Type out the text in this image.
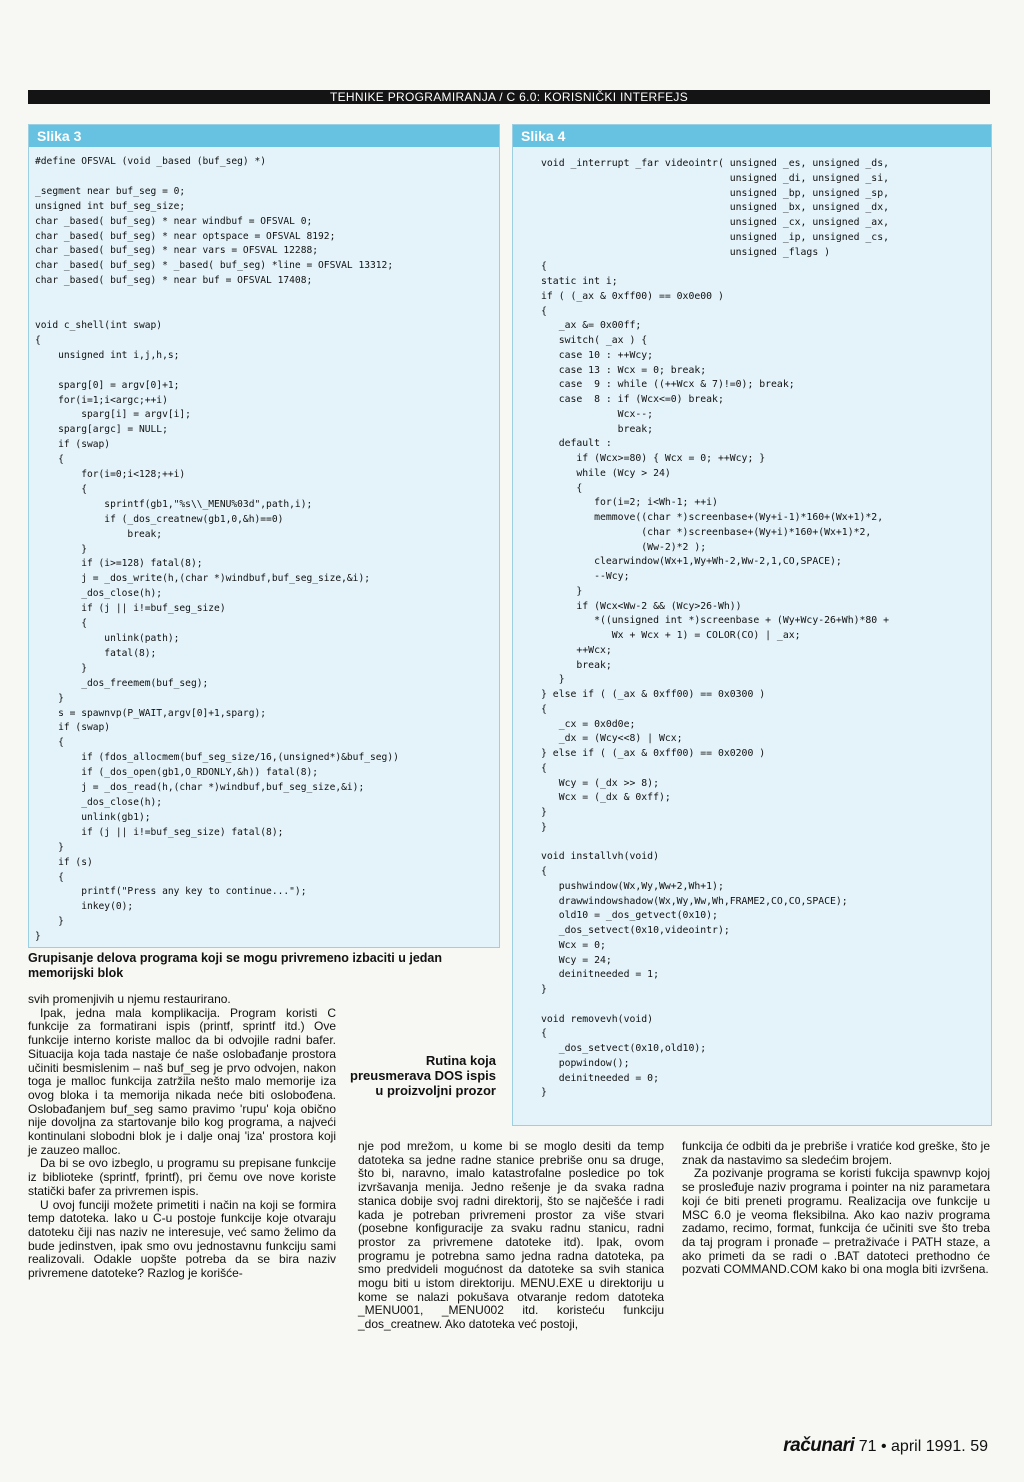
TEHNIKE PROGRAMIRANJA / C 6.0: KORISNIČKI INTERFEJS
Slika 3
#define OFSVAL (void _based (buf_seg) *)

_segment near buf_seg = 0;
unsigned int buf_seg_size;
char _based( buf_seg) * near windbuf = OFSVAL 0;
char _based( buf_seg) * near optspace = OFSVAL 8192;
char _based( buf_seg) * near vars = OFSVAL 12288;
char _based( buf_seg) * _based( buf_seg) *line = OFSVAL 13312;
char _based( buf_seg) * near buf = OFSVAL 17408;

void c_shell(int swap)
{
unsigned int i,j,h,s;

sparg[0] = argv[0]+1;
for(i=1;i<argc;++i)
sparg[i] = argv[i];
sparg[argc] = NULL;
if (swap)
{
for(i=0;i<128;++i)
{
sprintf(gb1,"%s\\_MENU%03d",path,i);
if (_dos_creatnew(gb1,0,&h)==0)
break;
}
if (i>=128) fatal(8);
j = _dos_write(h,(char *)windbuf,buf_seg_size,&i);
_dos_close(h);
if (j || i!=buf_seg_size)
{
unlink(path);
fatal(8);
}
_dos_freemem(buf_seg);
}
s = spawnvp(P_WAIT,argv[0]+1,sparg);
if (swap)
{
if (fdos_allocmem(buf_seg_size/16,(unsigned*)&buf_seg))
if (_dos_open(gb1,O_RDONLY,&h)) fatal(8);
j = _dos_read(h,(char *)windbuf,buf_seg_size,&i);
_dos_close(h);
unlink(gb1);
if (j || i!=buf_seg_size) fatal(8);
}
if (s)
{
printf("Press any key to continue...");
inkey(0);
}
}
Grupisanje delova programa koji se mogu privremeno izbaciti u jedan memorijski blok
Slika 4
void _interrupt _far videointr( unsigned _es, unsigned _ds,
unsigned _di, unsigned _si,
unsigned _bp, unsigned _sp,
unsigned _bx, unsigned _dx,
unsigned _cx, unsigned _ax,
unsigned _ip, unsigned _cs,
unsigned _flags )
{
static int i;
if ( (_ax & 0xff00) == 0x0e00 )
{
_ax &= 0x00ff;
switch( _ax ) {
case 10 : ++Wcy;
case 13 : Wcx = 0; break;
case  9 : while ((++Wcx & 7)!=0); break;
case  8 : if (Wcx<=0) break;
Wcx--;
break;
default :
if (Wcx>=80) { Wcx = 0; ++Wcy; }
while (Wcy > 24)
{
for(i=2; i<Wh-1; ++i)
memmove((char *)screenbase+(Wy+i-1)*160+(Wx+1)*2,
(char *)screenbase+(Wy+i)*160+(Wx+1)*2,
(Ww-2)*2 );
clearwindow(Wx+1,Wy+Wh-2,Ww-2,1,CO,SPACE);
--Wcy;
}
if (Wcx<Ww-2 && (Wcy>26-Wh))
*((unsigned int *)screenbase + (Wy+Wcy-26+Wh)*80 +
Wx + Wcx + 1) = COLOR(CO) | _ax;
++Wcx;
break;
}
} else if ( (_ax & 0xff00) == 0x0300 )
{
_cx = 0x0d0e;
_dx = (Wcy<<8) | Wcx;
} else if ( (_ax & 0xff00) == 0x0200 )
{
Wcy = (_dx >> 8);
Wcx = (_dx & 0xff);
}
}

void installvh(void)
{
pushwindow(Wx,Wy,Ww+2,Wh+1);
drawwindowshadow(Wx,Wy,Ww,Wh,FRAME2,CO,CO,SPACE);
old10 = _dos_getvect(0x10);
_dos_setvect(0x10,videointr);
Wcx = 0;
Wcy = 24;
deinitneeded = 1;
}

void removevh(void)
{
_dos_setvect(0x10,old10);
popwindow();
deinitneeded = 0;
}
Rutina koja preusmerava DOS ispis u proizvoljni prozor

svih promenjivih u njemu restaurirano.

Ipak, jedna mala komplikacija. Program koristi C funkcije za formatirani ispis (printf, sprintf itd.) Ove funkcije interno koriste malloc da bi odvojile radni bafer. Situacija koja tada nastaje će naše oslobađanje prostora učiniti besmislenim – naš buf_seg je prvo odvojen, nakon toga je malloc funkcija zatržila nešto malo memorije iza ovog bloka i ta memorija nikada neće biti oslobođena. Oslobađanjem buf_seg samo pravimo 'rupu' koja obično nije dovoljna za startovanje bilo kog programa, a najveći kontinulani slobodni blok je i dalje onaj 'iza' prostora koji je zauzeo malloc.

Da bi se ovo izbeglo, u programu su prepisane funkcije iz biblioteke (sprintf, fprintf), pri čemu ove nove koriste statički bafer za privremen ispis.

U ovoj funciji možete primetiti i način na koji se formira temp datoteka. Iako u C-u postoje funkcije koje otvaraju datoteku čiji nas naziv ne interesuje, već samo želimo da bude jedinstven, ipak smo ovu jednostavnu funkciju sami realizovali. Odakle uopšte potreba da se bira naziv privremene datoteke? Razlog je korišće-

nje pod mrežom, u kome bi se moglo desiti da temp datoteka sa jedne radne stanice prebriše onu sa druge, što bi, naravno, imalo katastrofalne posledice po tok izvršavanja menija. Jedno rešenje je da svaka radna stanica dobije svoj radni direktorij, što se najčešće i radi kada je potreban privremeni prostor za više stvari (posebne konfiguracije za svaku radnu stanicu, radni prostor za privremene datoteke itd). Ipak, ovom programu je potrebna samo jedna radna datoteka, pa smo predvideli mogućnost da datoteke sa svih stanica mogu biti u istom direktoriju. MENU.EXE u direktoriju u kome se nalazi pokušava otvaranje redom datoteka _MENU001, _MENU002 itd. koristeću funkciju _dos_creatnew. Ako datoteka već postoji,

funkcija će odbiti da je prebriše i vratiće kod greške, što je znak da nastavimo sa sledećim brojem.

Za pozivanje programa se koristi fukcija spawnvp kojoj se prosleđuje naziv programa i pointer na niz parametara koji će biti preneti programu. Realizacija ove funkcije u MSC 6.0 je veoma fleksibilna. Ako kao naziv programa zadamo, recimo, format, funkcija će učiniti sve što treba da taj program i pronađe – pretraživaće i PATH staze, a ako primeti da se radi o .BAT datoteci prethodno će pozvati COMMAND.COM kako bi ona mogla biti izvršena.

računari 71 • april 1991. 59
